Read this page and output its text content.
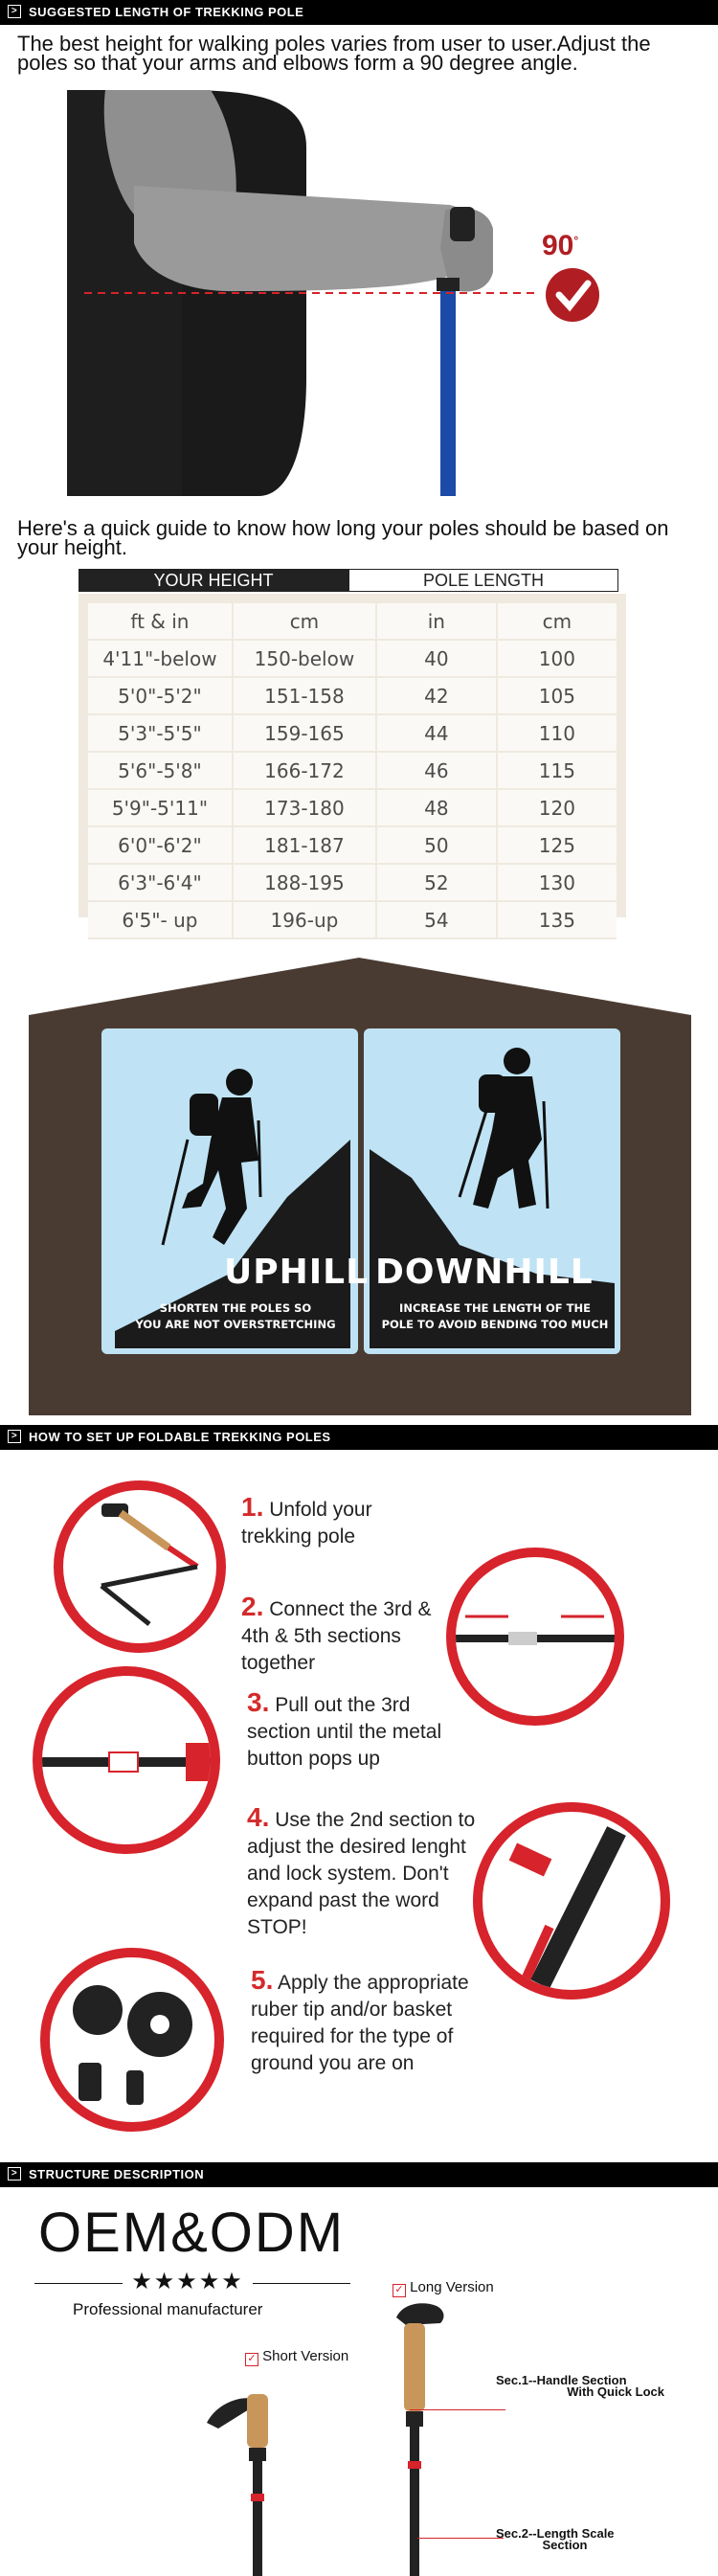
> SUGGESTED LENGTH OF TREKKING POLE
The best height for walking poles varies from user to user.Adjust the poles so that your arms and elbows form a 90 degree angle.
90°
Here's a quick guide to know how long your poles should be based on your height.
YOUR HEIGHT	POLE LENGTH
ft & in	cm	in	cm
4'11"-below	150-below	40	100
5'0"-5'2"	151-158	42	105
5'3"-5'5"	159-165	44	110
5'6"-5'8"	166-172	46	115
5'9"-5'11"	173-180	48	120
6'0"-6'2"	181-187	50	125
6'3"-6'4"	188-195	52	130
6'5"- up	196-up	54	135
UPHILL
SHORTEN THE POLES SO
YOU ARE NOT OVERSTRETCHING
DOWNHILL
INCREASE THE LENGTH OF THE
POLE TO AVOID BENDING TOO MUCH
> HOW TO SET UP FOLDABLE TREKKING POLES
1. Unfold your trekking pole
2. Connect the 3rd & 4th & 5th sections together
3. Pull out the 3rd section until the metal button pops up
4. Use the 2nd section to adjust the desired lenght and lock system. Don't expand past the word STOP!
5. Apply the appropriate ruber tip and/or basket required for the type of ground you are on
> STRUCTURE DESCRIPTION
OEM&ODM
★★★★★
Professional manufacturer
✓ Long Version
Sec.1--Handle Section
With Quick Lock
Sec.2--Length Scale
Section
✓ Short Version
